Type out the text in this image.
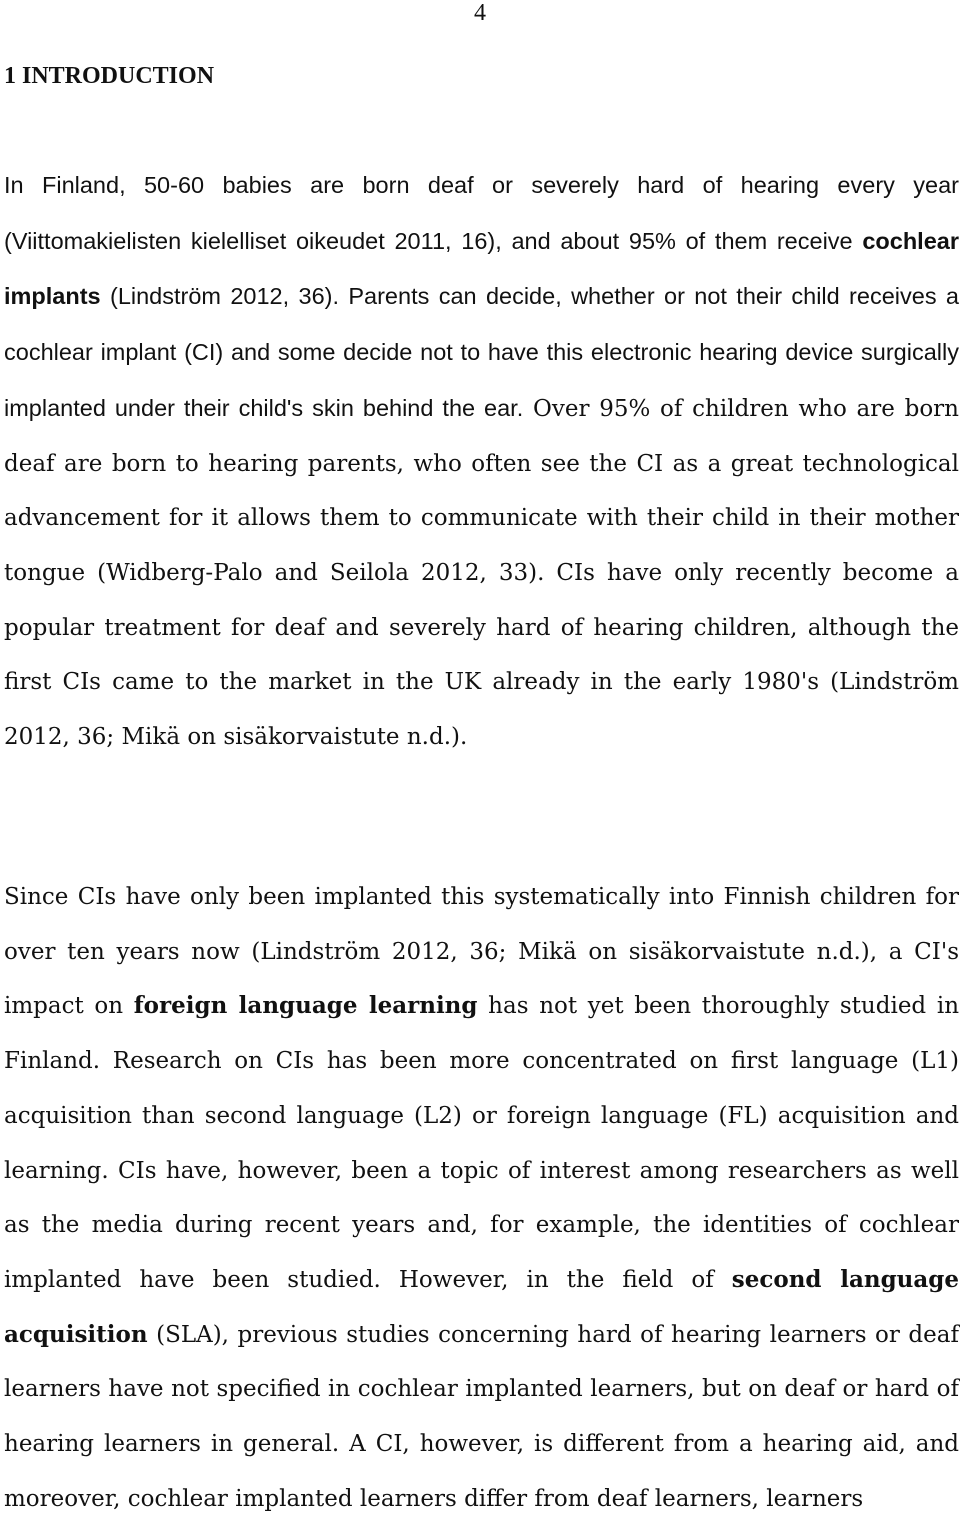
4
1 INTRODUCTION

In Finland, 50-60 babies are born deaf or severely hard of hearing every year (Viittomakielisten kielelliset oikeudet 2011, 16), and about 95% of them receive cochlear implants (Lindström 2012, 36). Parents can decide, whether or not their child receives a cochlear implant (CI) and some decide not to have this electronic hearing device surgically implanted under their child's skin behind the ear. Over 95% of children who are born deaf are born to hearing parents, who often see the CI as a great technological advancement for it allows them to communicate with their child in their mother tongue (Widberg-Palo and Seilola 2012, 33). CIs have only recently become a popular treatment for deaf and severely hard of hearing children, although the first CIs came to the market in the UK already in the early 1980's (Lindström 2012, 36; Mikä on sisäkorvaistute n.d.).

Since CIs have only been implanted this systematically into Finnish children for over ten years now (Lindström 2012, 36; Mikä on sisäkorvaistute n.d.), a CI's impact on foreign language learning has not yet been thoroughly studied in Finland. Research on CIs has been more concentrated on first language (L1) acquisition than second language (L2) or foreign language (FL) acquisition and learning. CIs have, however, been a topic of interest among researchers as well as the media during recent years and, for example, the identities of cochlear implanted have been studied. However, in the field of second language acquisition (SLA), previous studies concerning hard of hearing learners or deaf learners have not specified in cochlear implanted learners, but on deaf or hard of hearing learners in general. A CI, however, is different from a hearing aid, and moreover, cochlear implanted learners differ from deaf learners, learners
